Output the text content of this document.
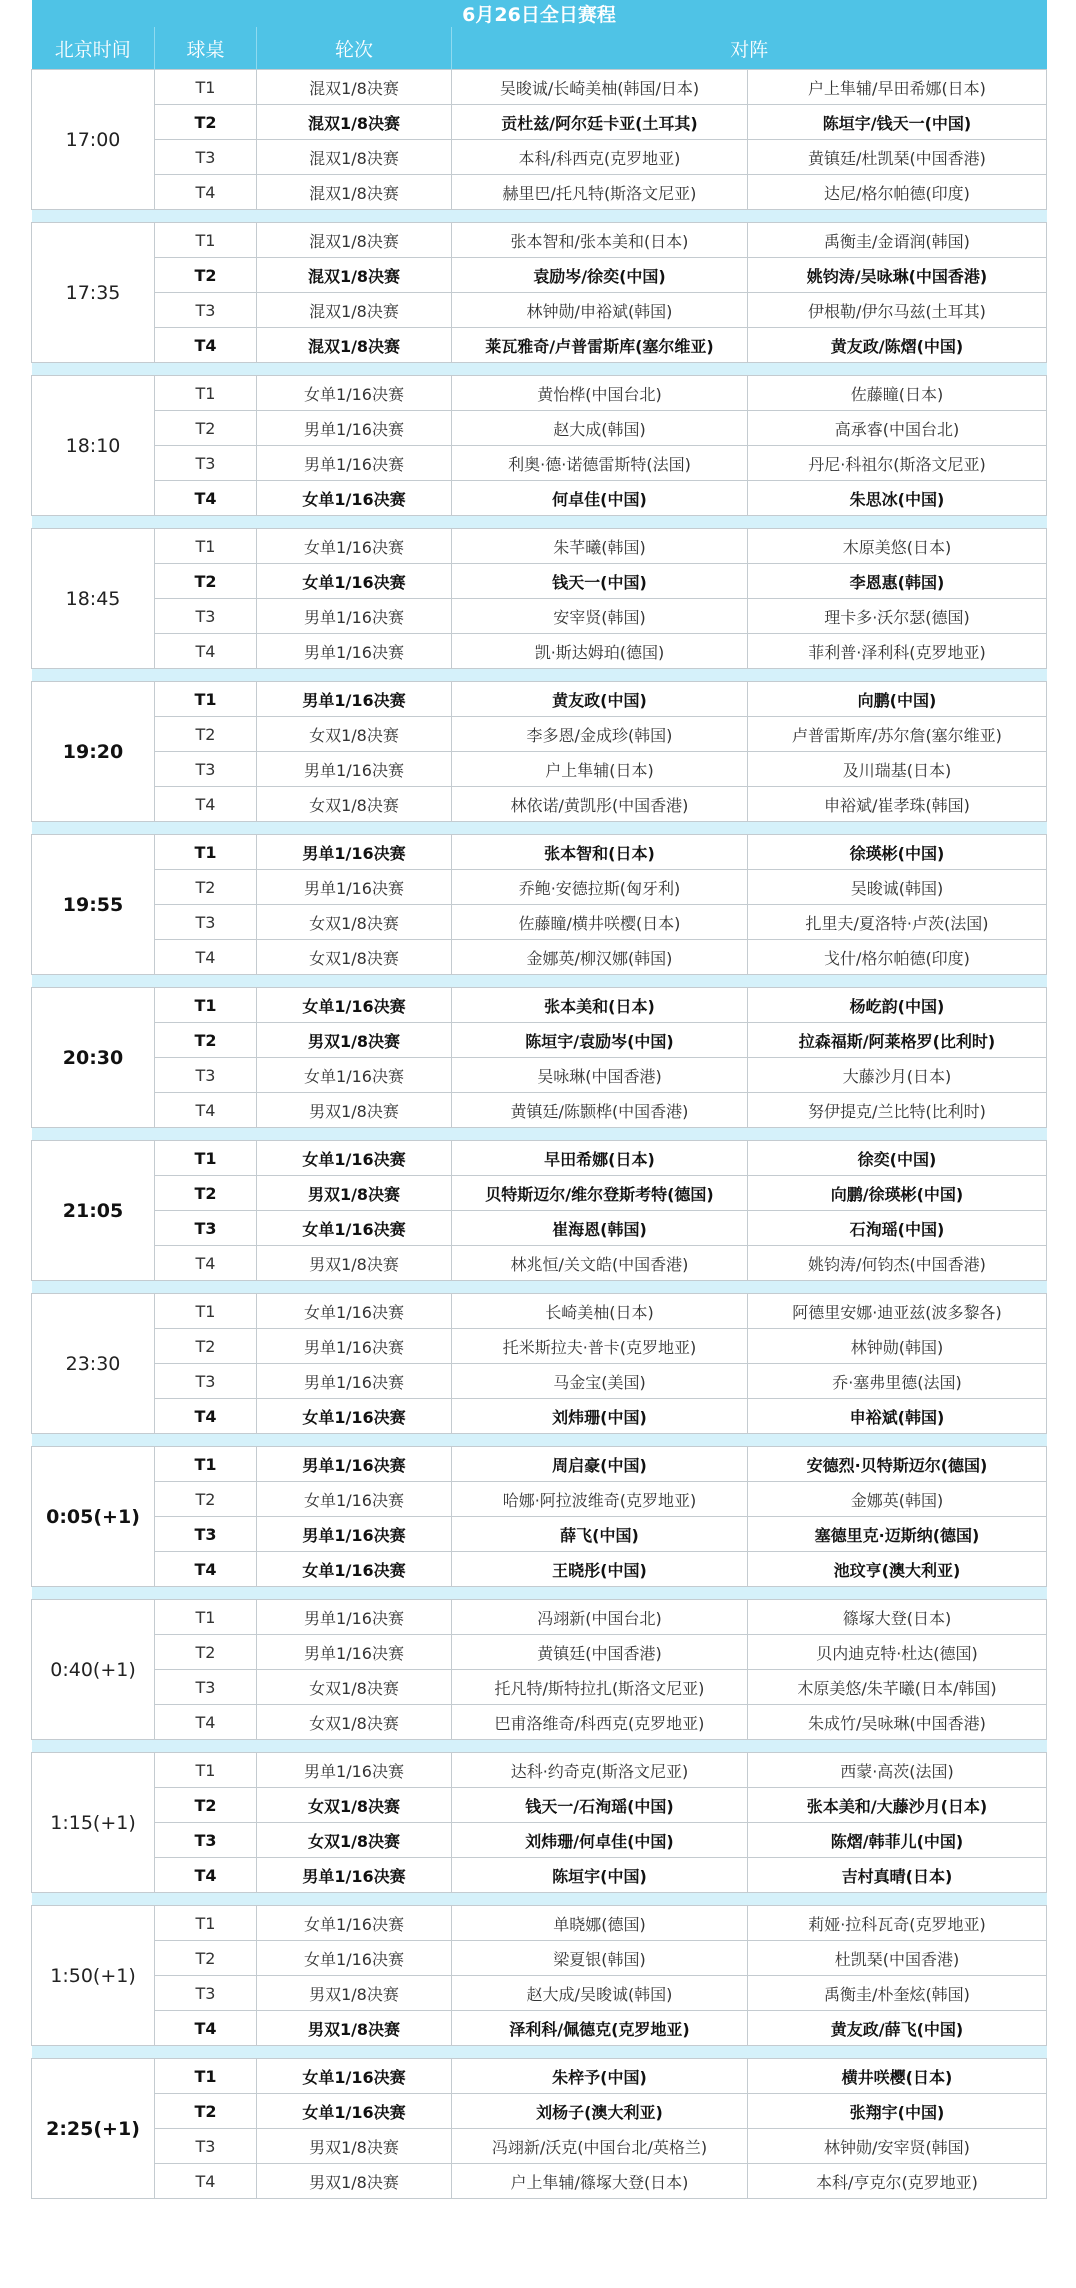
6月26日全日赛程				
北京时间	球桌	轮次	对阵	
17:00	T1	混双1/8决赛	吴晙诚/长崎美柚(韩国/日本)	户上隼辅/早田希娜(日本)
	T2	混双1/8决赛	贡杜兹/阿尔廷卡亚(土耳其)	陈垣宇/钱天一(中国)
	T3	混双1/8决赛	本科/科西克(克罗地亚)	黄镇廷/杜凯琹(中国香港)
	T4	混双1/8决赛	赫里巴/托凡特(斯洛文尼亚)	达尼/格尔帕德(印度)

17:35	T1	混双1/8决赛	张本智和/张本美和(日本)	禹衡圭/金谞润(韩国)
	T2	混双1/8决赛	袁励岑/徐奕(中国)	姚钧涛/吴咏琳(中国香港)
	T3	混双1/8决赛	林钟勋/申裕斌(韩国)	伊根勒/伊尔马兹(土耳其)
	T4	混双1/8决赛	莱瓦雅奇/卢普雷斯库(塞尔维亚)	黄友政/陈熠(中国)

18:10	T1	女单1/16决赛	黄怡桦(中国台北)	佐藤瞳(日本)
	T2	男单1/16决赛	赵大成(韩国)	高承睿(中国台北)
	T3	男单1/16决赛	利奥·德·诺德雷斯特(法国)	丹尼·科祖尔(斯洛文尼亚)
	T4	女单1/16决赛	何卓佳(中国)	朱思冰(中国)

18:45	T1	女单1/16决赛	朱芊曦(韩国)	木原美悠(日本)
	T2	女单1/16决赛	钱天一(中国)	李恩惠(韩国)
	T3	男单1/16决赛	安宰贤(韩国)	理卡多·沃尔瑟(德国)
	T4	男单1/16决赛	凯·斯达姆珀(德国)	菲利普·泽利科(克罗地亚)

19:20	T1	男单1/16决赛	黄友政(中国)	向鹏(中国)
	T2	女双1/8决赛	李多恩/金成珍(韩国)	卢普雷斯库/苏尔詹(塞尔维亚)
	T3	男单1/16决赛	户上隼辅(日本)	及川瑞基(日本)
	T4	女双1/8决赛	林依诺/黄凯彤(中国香港)	申裕斌/崔孝珠(韩国)

19:55	T1	男单1/16决赛	张本智和(日本)	徐瑛彬(中国)
	T2	男单1/16决赛	乔鲍·安德拉斯(匈牙利)	吴晙诚(韩国)
	T3	女双1/8决赛	佐藤瞳/横井咲樱(日本)	扎里夫/夏洛特·卢茨(法国)
	T4	女双1/8决赛	金娜英/柳汉娜(韩国)	戈什/格尔帕德(印度)

20:30	T1	女单1/16决赛	张本美和(日本)	杨屹韵(中国)
	T2	男双1/8决赛	陈垣宇/袁励岑(中国)	拉森福斯/阿莱格罗(比利时)
	T3	女单1/16决赛	吴咏琳(中国香港)	大藤沙月(日本)
	T4	男双1/8决赛	黄镇廷/陈颢桦(中国香港)	努伊提克/兰比特(比利时)

21:05	T1	女单1/16决赛	早田希娜(日本)	徐奕(中国)
	T2	男双1/8决赛	贝特斯迈尔/维尔登斯考特(德国)	向鹏/徐瑛彬(中国)
	T3	女单1/16决赛	崔海恩(韩国)	石洵瑶(中国)
	T4	男双1/8决赛	林兆恒/关文皓(中国香港)	姚钧涛/何钧杰(中国香港)

23:30	T1	女单1/16决赛	长崎美柚(日本)	阿德里安娜·迪亚兹(波多黎各)
	T2	男单1/16决赛	托米斯拉夫·普卡(克罗地亚)	林钟勋(韩国)
	T3	男单1/16决赛	马金宝(美国)	乔·塞弗里德(法国)
	T4	女单1/16决赛	刘炜珊(中国)	申裕斌(韩国)

0:05(+1)	T1	男单1/16决赛	周启豪(中国)	安德烈·贝特斯迈尔(德国)
	T2	女单1/16决赛	哈娜·阿拉波维奇(克罗地亚)	金娜英(韩国)
	T3	男单1/16决赛	薛飞(中国)	塞德里克·迈斯纳(德国)
	T4	女单1/16决赛	王晓彤(中国)	池玟亨(澳大利亚)

0:40(+1)	T1	男单1/16决赛	冯翊新(中国台北)	篠塚大登(日本)
	T2	男单1/16决赛	黄镇廷(中国香港)	贝内迪克特·杜达(德国)
	T3	女双1/8决赛	托凡特/斯特拉扎(斯洛文尼亚)	木原美悠/朱芊曦(日本/韩国)
	T4	女双1/8决赛	巴甫洛维奇/科西克(克罗地亚)	朱成竹/吴咏琳(中国香港)

1:15(+1)	T1	男单1/16决赛	达科·约奇克(斯洛文尼亚)	西蒙·高茨(法国)
	T2	女双1/8决赛	钱天一/石洵瑶(中国)	张本美和/大藤沙月(日本)
	T3	女双1/8决赛	刘炜珊/何卓佳(中国)	陈熠/韩菲儿(中国)
	T4	男单1/16决赛	陈垣宇(中国)	吉村真晴(日本)

1:50(+1)	T1	女单1/16决赛	单晓娜(德国)	莉娅·拉科瓦奇(克罗地亚)
	T2	女单1/16决赛	梁夏银(韩国)	杜凯琹(中国香港)
	T3	男双1/8决赛	赵大成/吴晙诚(韩国)	禹衡圭/朴奎炫(韩国)
	T4	男双1/8决赛	泽利科/佩德克(克罗地亚)	黄友政/薛飞(中国)

2:25(+1)	T1	女单1/16决赛	朱梓予(中国)	横井咲樱(日本)
	T2	女单1/16决赛	刘杨子(澳大利亚)	张翔宇(中国)
	T3	男双1/8决赛	冯翊新/沃克(中国台北/英格兰)	林钟勋/安宰贤(韩国)
	T4	男双1/8决赛	户上隼辅/篠塚大登(日本)	本科/亨克尔(克罗地亚)
